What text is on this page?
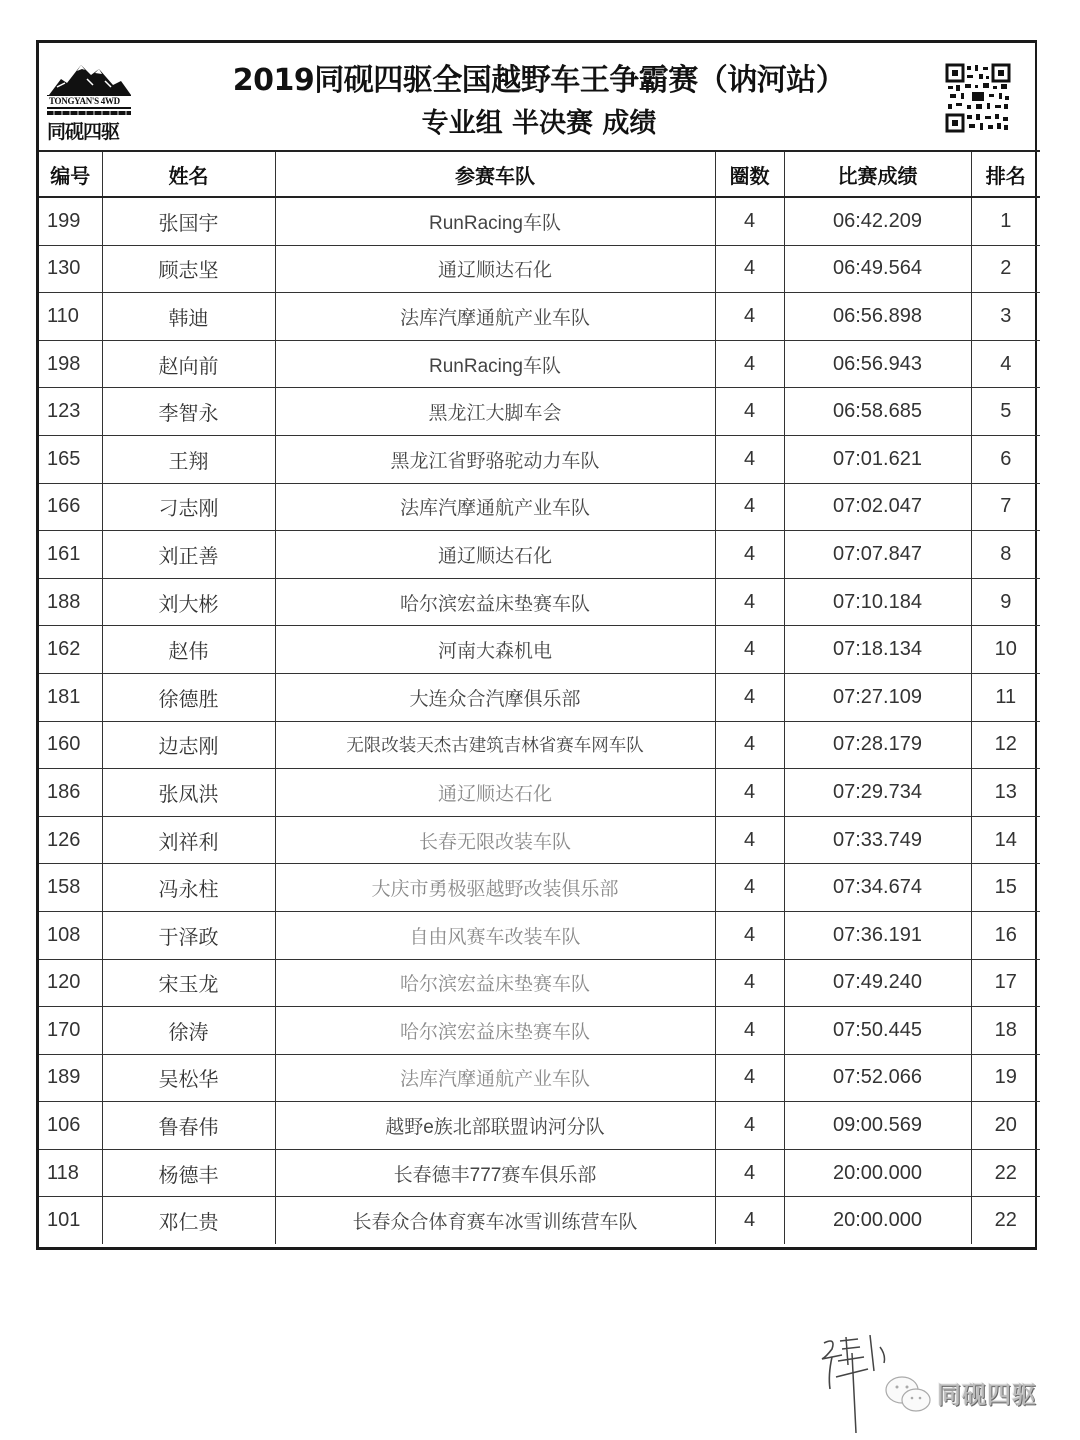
TONGYAN'S 4WD
同砚四驱
2019同砚四驱全国越野车王争霸赛（讷河站）
专业组 半决赛 成绩
编号	姓名	参赛车队	圈数	比赛成绩	排名
199	张国宇	RunRacing车队	4	06:42.209	1
130	顾志坚	通辽顺达石化	4	06:49.564	2
110	韩迪	法库汽摩通航产业车队	4	06:56.898	3
198	赵向前	RunRacing车队	4	06:56.943	4
123	李智永	黑龙江大脚车会	4	06:58.685	5
165	王翔	黑龙江省野骆驼动力车队	4	07:01.621	6
166	刁志刚	法库汽摩通航产业车队	4	07:02.047	7
161	刘正善	通辽顺达石化	4	07:07.847	8
188	刘大彬	哈尔滨宏益床垫赛车队	4	07:10.184	9
162	赵伟	河南大森机电	4	07:18.134	10
181	徐德胜	大连众合汽摩俱乐部	4	07:27.109	11
160	边志刚	无限改装天杰古建筑吉林省赛车网车队	4	07:28.179	12
186	张凤洪	通辽顺达石化	4	07:29.734	13
126	刘祥利	长春无限改装车队	4	07:33.749	14
158	冯永柱	大庆市勇极驱越野改装俱乐部	4	07:34.674	15
108	于泽政	自由风赛车改装车队	4	07:36.191	16
120	宋玉龙	哈尔滨宏益床垫赛车队	4	07:49.240	17
170	徐涛	哈尔滨宏益床垫赛车队	4	07:50.445	18
189	吴松华	法库汽摩通航产业车队	4	07:52.066	19
106	鲁春伟	越野e族北部联盟讷河分队	4	09:00.569	20
118	杨德丰	长春德丰777赛车俱乐部	4	20:00.000	22
101	邓仁贵	长春众合体育赛车冰雪训练营车队	4	20:00.000	22
同砚四驱
